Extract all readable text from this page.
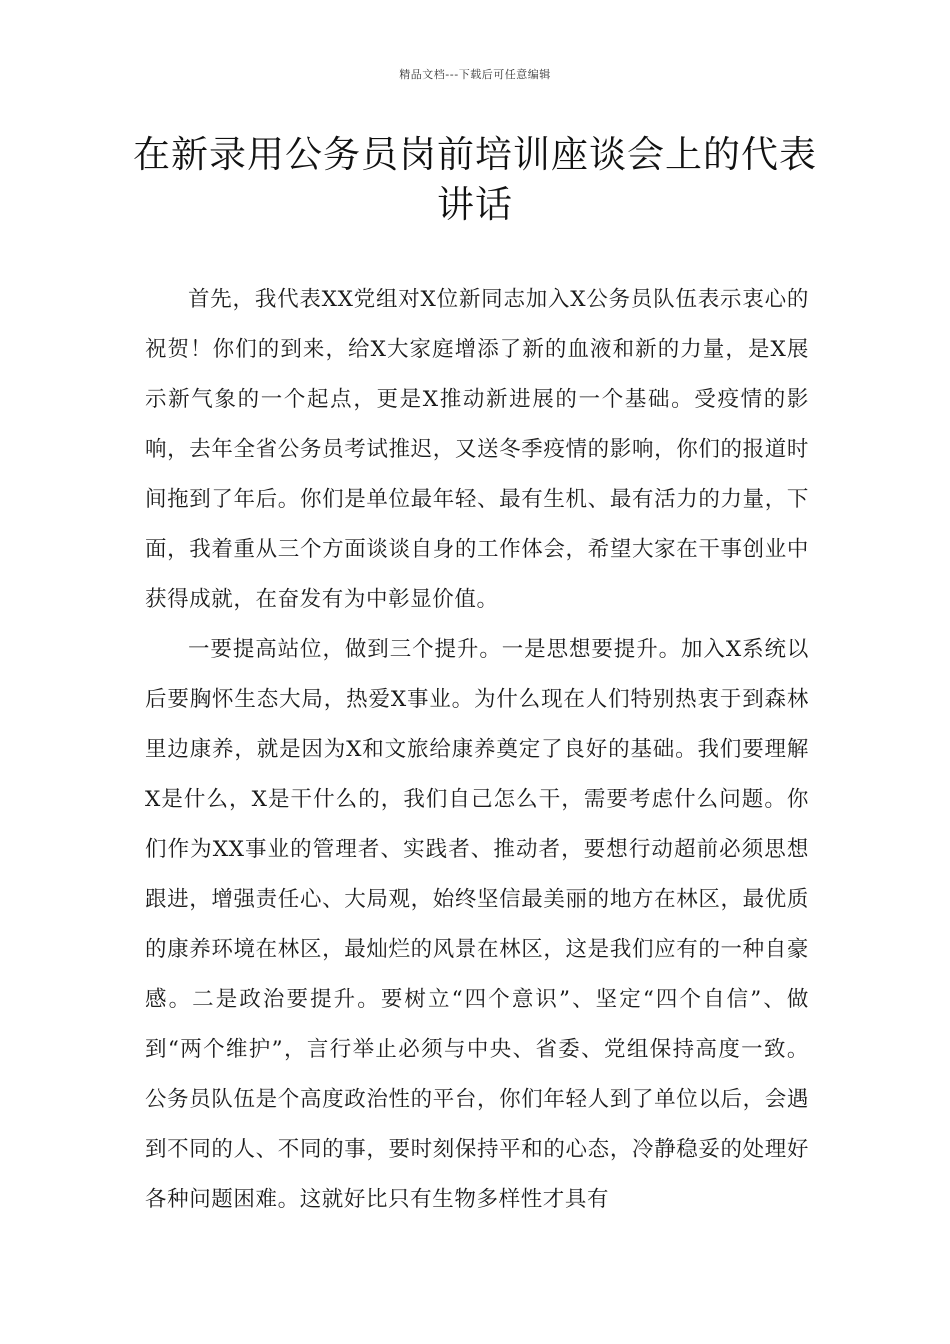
精品文档---下载后可任意编辑
在新录用公务员岗前培训座谈会上的代表讲话

首先，我代表XX党组对X位新同志加入X公务员队伍表示衷心的祝贺！你们的到来，给X大家庭增添了新的血液和新的力量，是X展示新气象的一个起点，更是X推动新进展的一个基础。受疫情的影响，去年全省公务员考试推迟，又送冬季疫情的影响，你们的报道时间拖到了年后。你们是单位最年轻、最有生机、最有活力的力量，下面，我着重从三个方面谈谈自身的工作体会，希望大家在干事创业中获得成就，在奋发有为中彰显价值。

一要提高站位，做到三个提升。一是思想要提升。加入X系统以后要胸怀生态大局，热爱X事业。为什么现在人们特别热衷于到森林里边康养，就是因为X和文旅给康养奠定了良好的基础。我们要理解X是什么，X是干什么的，我们自己怎么干，需要考虑什么问题。你们作为XX事业的管理者、实践者、推动者，要想行动超前必须思想跟进，增强责任心、大局观，始终坚信最美丽的地方在林区，最优质的康养环境在林区，最灿烂的风景在林区，这是我们应有的一种自豪感。二是政治要提升。要树立“四个意识”、坚定“四个自信”、做到“两个维护”，言行举止必须与中央、省委、党组保持高度一致。公务员队伍是个高度政治性的平台，你们年轻人到了单位以后，会遇到不同的人、不同的事，要时刻保持平和的心态，冷静稳妥的处理好各种问题困难。这就好比只有生物多样性才具有
